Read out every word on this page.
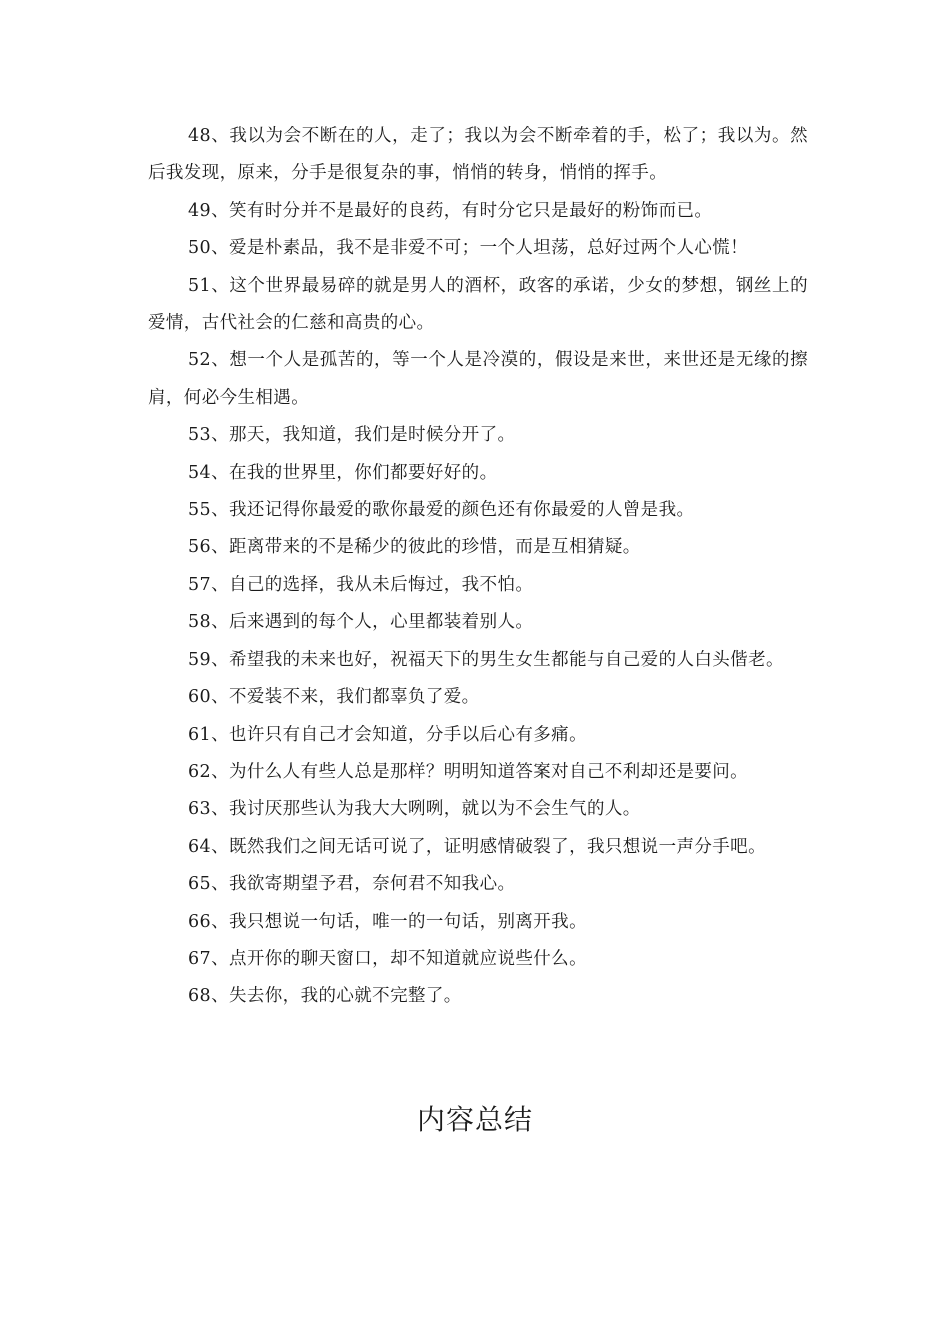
48、我以为会不断在的人，走了；我以为会不断牵着的手，松了；我以为。然后我发现，原来，分手是很复杂的事，悄悄的转身，悄悄的挥手。

49、笑有时分并不是最好的良药，有时分它只是最好的粉饰而已。

50、爱是朴素品，我不是非爱不可；一个人坦荡，总好过两个人心慌！

51、这个世界最易碎的就是男人的酒杯，政客的承诺，少女的梦想，钢丝上的爱情，古代社会的仁慈和高贵的心。

52、想一个人是孤苦的，等一个人是冷漠的，假设是来世，来世还是无缘的擦肩，何必今生相遇。

53、那天，我知道，我们是时候分开了。

54、在我的世界里，你们都要好好的。

55、我还记得你最爱的歌你最爱的颜色还有你最爱的人曾是我。

56、距离带来的不是稀少的彼此的珍惜，而是互相猜疑。

57、自己的选择，我从未后悔过，我不怕。

58、后来遇到的每个人，心里都装着别人。

59、希望我的未来也好，祝福天下的男生女生都能与自己爱的人白头偕老。

60、不爱装不来，我们都辜负了爱。

61、也许只有自己才会知道，分手以后心有多痛。

62、为什么人有些人总是那样？明明知道答案对自己不利却还是要问。

63、我讨厌那些认为我大大咧咧，就以为不会生气的人。

64、既然我们之间无话可说了，证明感情破裂了，我只想说一声分手吧。

65、我欲寄期望予君，奈何君不知我心。

66、我只想说一句话，唯一的一句话，别离开我。

67、点开你的聊天窗口，却不知道就应说些什么。

68、失去你，我的心就不完整了。

内容总结
